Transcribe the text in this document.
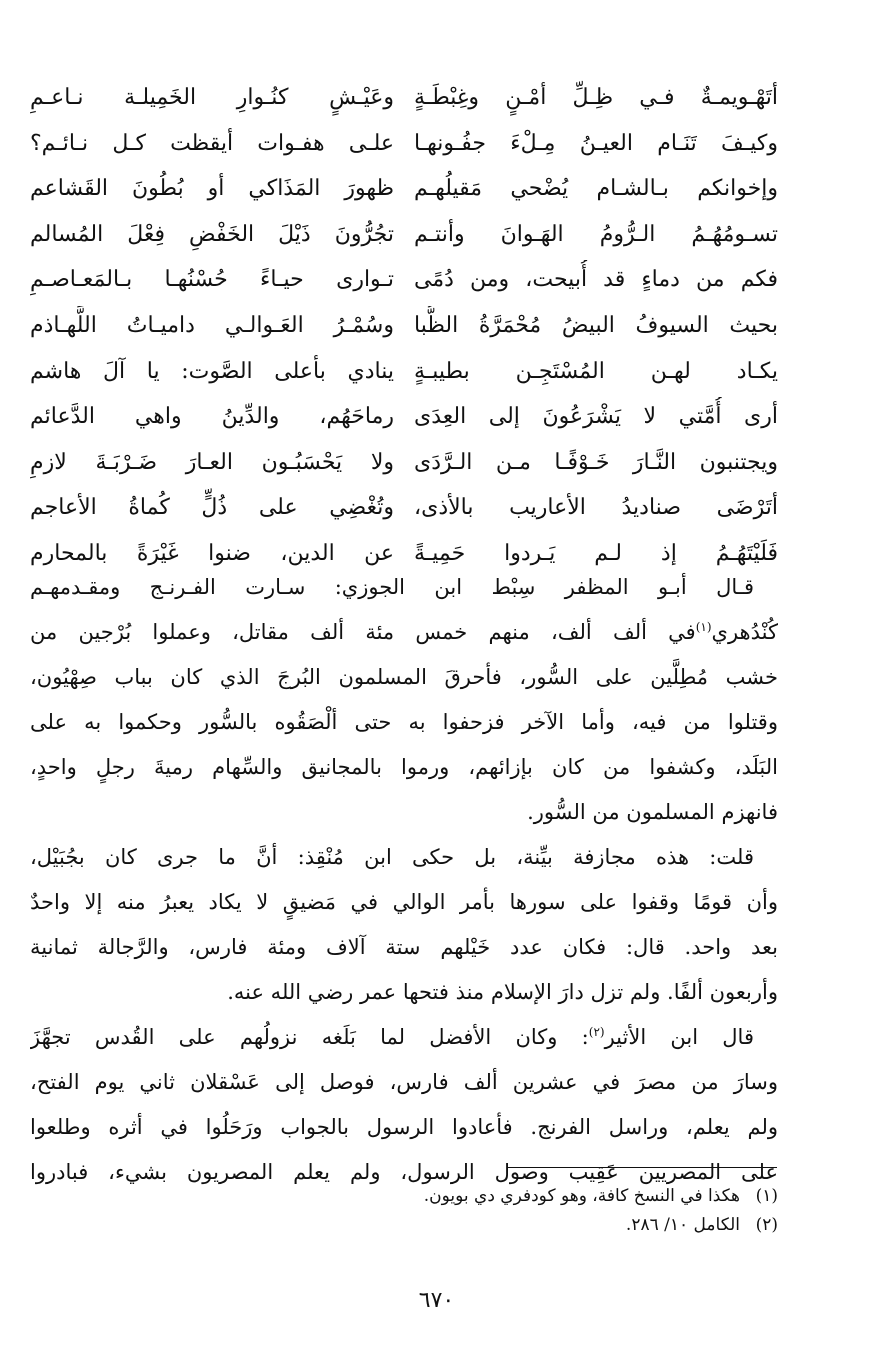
أتَهْـويمـةٌ فـي ظِـلِّ أمْـنٍ وغِبْطَـةٍ
وعَيْـشٍ كنُـوارِ الخَمِيلـة نـاعـمِ
وكيـفَ تَنَـام العيـنُ مِـلْءَ جفُـونهـا
علـى هفـوات أيقظت كـل نـائـم؟
وإخوانكم بـالشـام يُضْحي مَقيلُهـم
ظهورَ المَذَاكي أو بُطُونَ القَشاعم
تسـومُهُـمُ الـرُّومُ الهَـوانَ وأنتـم
تجُرُّونَ ذَيْلَ الخَفْضِ فِعْلَ المُسالم
فكم من دماءٍ قد أُبيحت، ومن دُمًى
تـوارى حيـاءً حُسْنُهـا بـالمَعـاصـمِ
بحيث السيوفُ البيضُ مُحْمَرَّةُ الظُّبا
وسُمْـرُ العَـوالـي داميـاتُ اللَّهـاذم
يكـاد لهـن المُسْتَجِـن بطيبـةٍ
ينادي بأعلى الصَّوت: يا آلَ هاشم
أرى أُمَّتي لا يَشْرَعُونَ إلى العِدَى
رماحَهُم، والدِّينُ واهي الدَّعائم
ويجتنبون النَّـارَ خَـوْفًـا مـن الـرَّدَى
ولا يَحْسَبُـون العـارَ ضَـرْبَـةَ لازمِ
أتَرْضَى صناديدُ الأعاريب بالأذى،
وتُغْضِي على ذُلٍّ كُماةُ الأعاجم
فَلَيْتَهُـمُ إذ لـم يَـردوا حَمِيـةً
عن الدين، ضنوا غَيْرَةً بالمحارم
قـال أبـو المظفر سِبْط ابن الجوزي: سـارت الفـرنـج ومقـدمهـم
كُنْدُهري$^{(١)}$في ألف ألف، منهم خمس مئة ألف مقاتل، وعملوا بُرْجين من
خشب مُطِلَّين على السُّور، فأحرقَ المسلمون البُرجَ الذي كان بباب صِهْيُون،
وقتلوا من فيه، وأما الآخر فزحفوا به حتى ألْصَقُوه بالسُّور وحكموا به على
البَلَد، وكشفوا من كان بإزائهم، ورموا بالمجانيق والسِّهام رميةَ رجلٍ واحدٍ،
فانهزم المسلمون من السُّور.
قلت: هذه مجازفة بيِّنة، بل حكى ابن مُنْقِذ: أنَّ ما جرى كان بجُبَيْل،
وأن قومًا وقفوا على سورها بأمر الوالي في مَضيقٍ لا يكاد يعبرُ منه إلا واحدٌ
بعد واحد. قال: فكان عدد خَيْلهم ستة آلاف ومئة فارس، والرَّجالة ثمانية
وأربعون ألفًا. ولم تزل دارَ الإسلام منذ فتحها عمر رضي الله عنه.
قال ابن الأثير$^{(٢)}$: وكان الأفضل لما بَلَغه نزولُهم على القُدس تجهَّزَ
وسارَ من مصرَ في عشرين ألف فارس، فوصل إلى عَسْقلان ثاني يوم الفتح،
ولم يعلم، وراسل الفرنج. فأعادوا الرسول بالجواب ورَحَلُوا في أثره وطلعوا
على المصريين عَقِيب وصول الرسول، ولم يعلم المصريون بشيء، فبادروا
(١)هكذا في النسخ كافة، وهو كودفري دي بويون.
(٢)الكامل ١٠/ ٢٨٦.
٦٧٠
